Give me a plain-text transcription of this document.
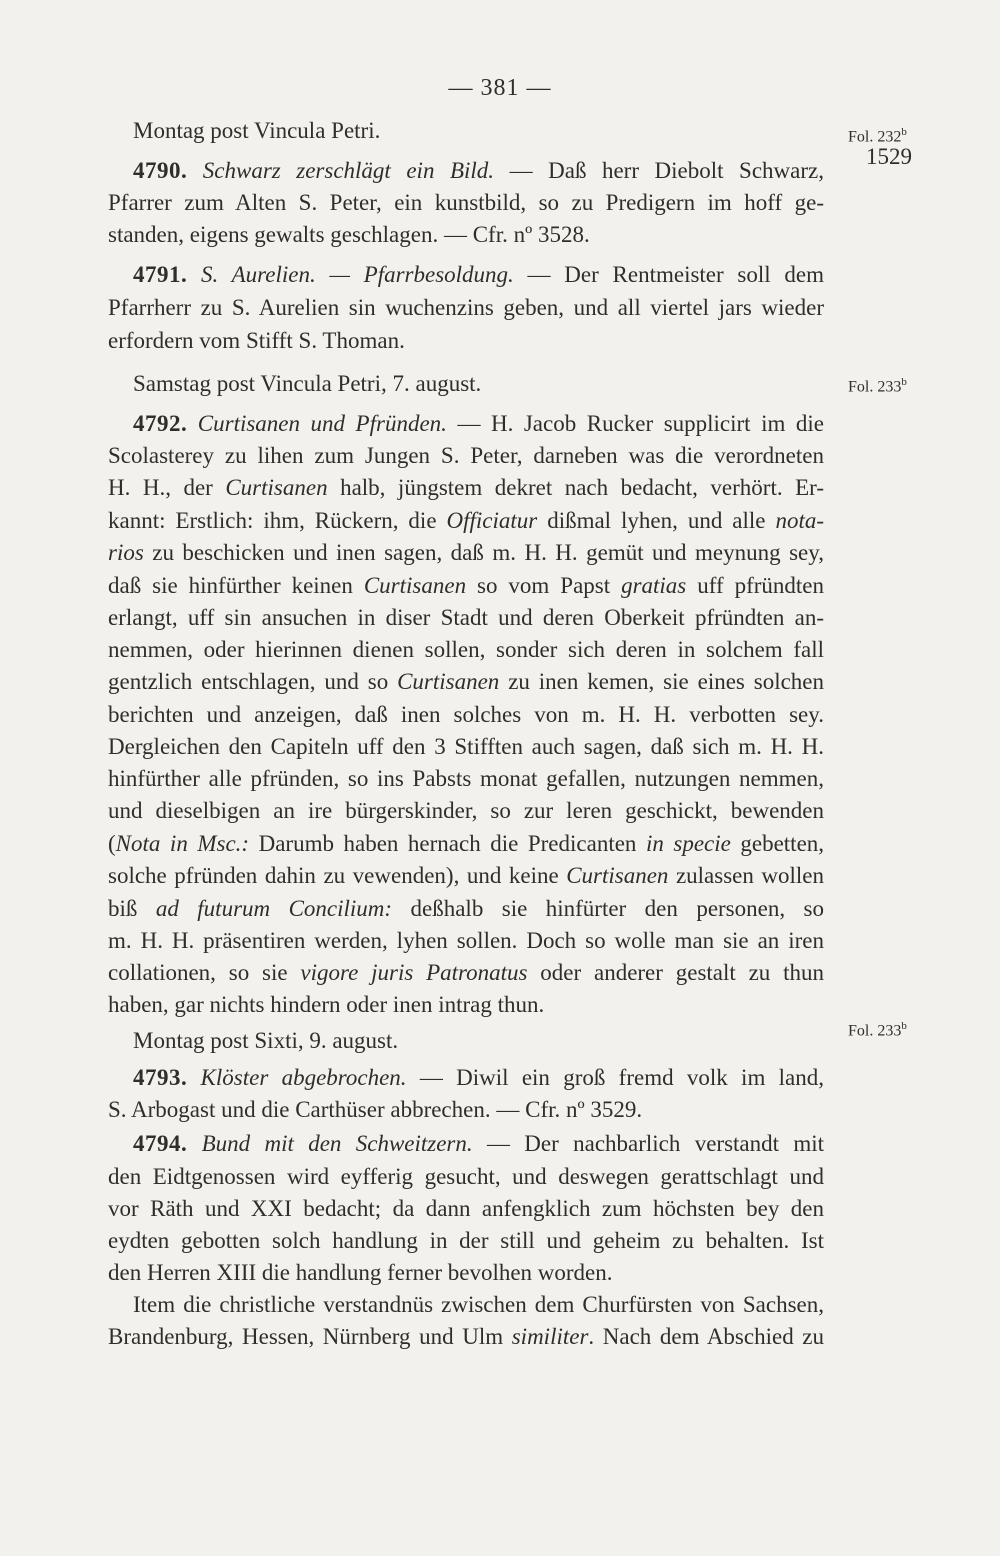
— 381 —

Fol. 232$^b$

1529

Fol. 233$^b$

Fol. 233$^b$

Montag post Vincula Petri.

4790. Schwarz zerschlägt ein Bild. — Daß herr Diebolt Schwarz,

Pfarrer zum Alten S. Peter, ein kunstbild, so zu Predigern im hoff ge-

standen, eigens gewalts geschlagen. — Cfr. nº 3528.

4791. S. Aurelien. — Pfarrbesoldung. — Der Rentmeister soll dem

Pfarrherr zu S. Aurelien sin wuchenzins geben, und all viertel jars wieder

erfordern vom Stifft S. Thoman.

Samstag post Vincula Petri, 7. august.

4792. Curtisanen und Pfründen. — H. Jacob Rucker supplicirt im die

Scolasterey zu lihen zum Jungen S. Peter, darneben was die verordneten

H. H., der Curtisanen halb, jüngstem dekret nach bedacht, verhört. Er-

kannt: Erstlich: ihm, Rückern, die Officiatur dißmal lyhen, und alle nota-

rios zu beschicken und inen sagen, daß m. H. H. gemüt und meynung sey,

daß sie hinfürther keinen Curtisanen so vom Papst gratias uff pfründten

erlangt, uff sin ansuchen in diser Stadt und deren Oberkeit pfründten an-

nemmen, oder hierinnen dienen sollen, sonder sich deren in solchem fall

gentzlich entschlagen, und so Curtisanen zu inen kemen, sie eines solchen

berichten und anzeigen, daß inen solches von m. H. H. verbotten sey.

Dergleichen den Capiteln uff den 3 Stifften auch sagen, daß sich m. H. H.

hinfürther alle pfründen, so ins Pabsts monat gefallen, nutzungen nemmen,

und dieselbigen an ire bürgerskinder, so zur leren geschickt, bewenden

(Nota in Msc.: Darumb haben hernach die Predicanten in specie gebetten,

solche pfründen dahin zu vewenden), und keine Curtisanen zulassen wollen

biß ad futurum Concilium: deßhalb sie hinfürter den personen, so

m. H. H. präsentiren werden, lyhen sollen. Doch so wolle man sie an iren

collationen, so sie vigore juris Patronatus oder anderer gestalt zu thun

haben, gar nichts hindern oder inen intrag thun.

Montag post Sixti, 9. august.

4793. Klöster abgebrochen. — Diwil ein groß fremd volk im land,

S. Arbogast und die Carthüser abbrechen. — Cfr. nº 3529.

4794. Bund mit den Schweitzern. — Der nachbarlich verstandt mit

den Eidtgenossen wird eyfferig gesucht, und deswegen gerattschlagt und

vor Räth und XXI bedacht; da dann anfengklich zum höchsten bey den

eydten gebotten solch handlung in der still und geheim zu behalten. Ist

den Herren XIII die handlung ferner bevolhen worden.

Item die christliche verstandnüs zwischen dem Churfürsten von Sachsen,

Brandenburg, Hessen, Nürnberg und Ulm similiter. Nach dem Abschied zu
